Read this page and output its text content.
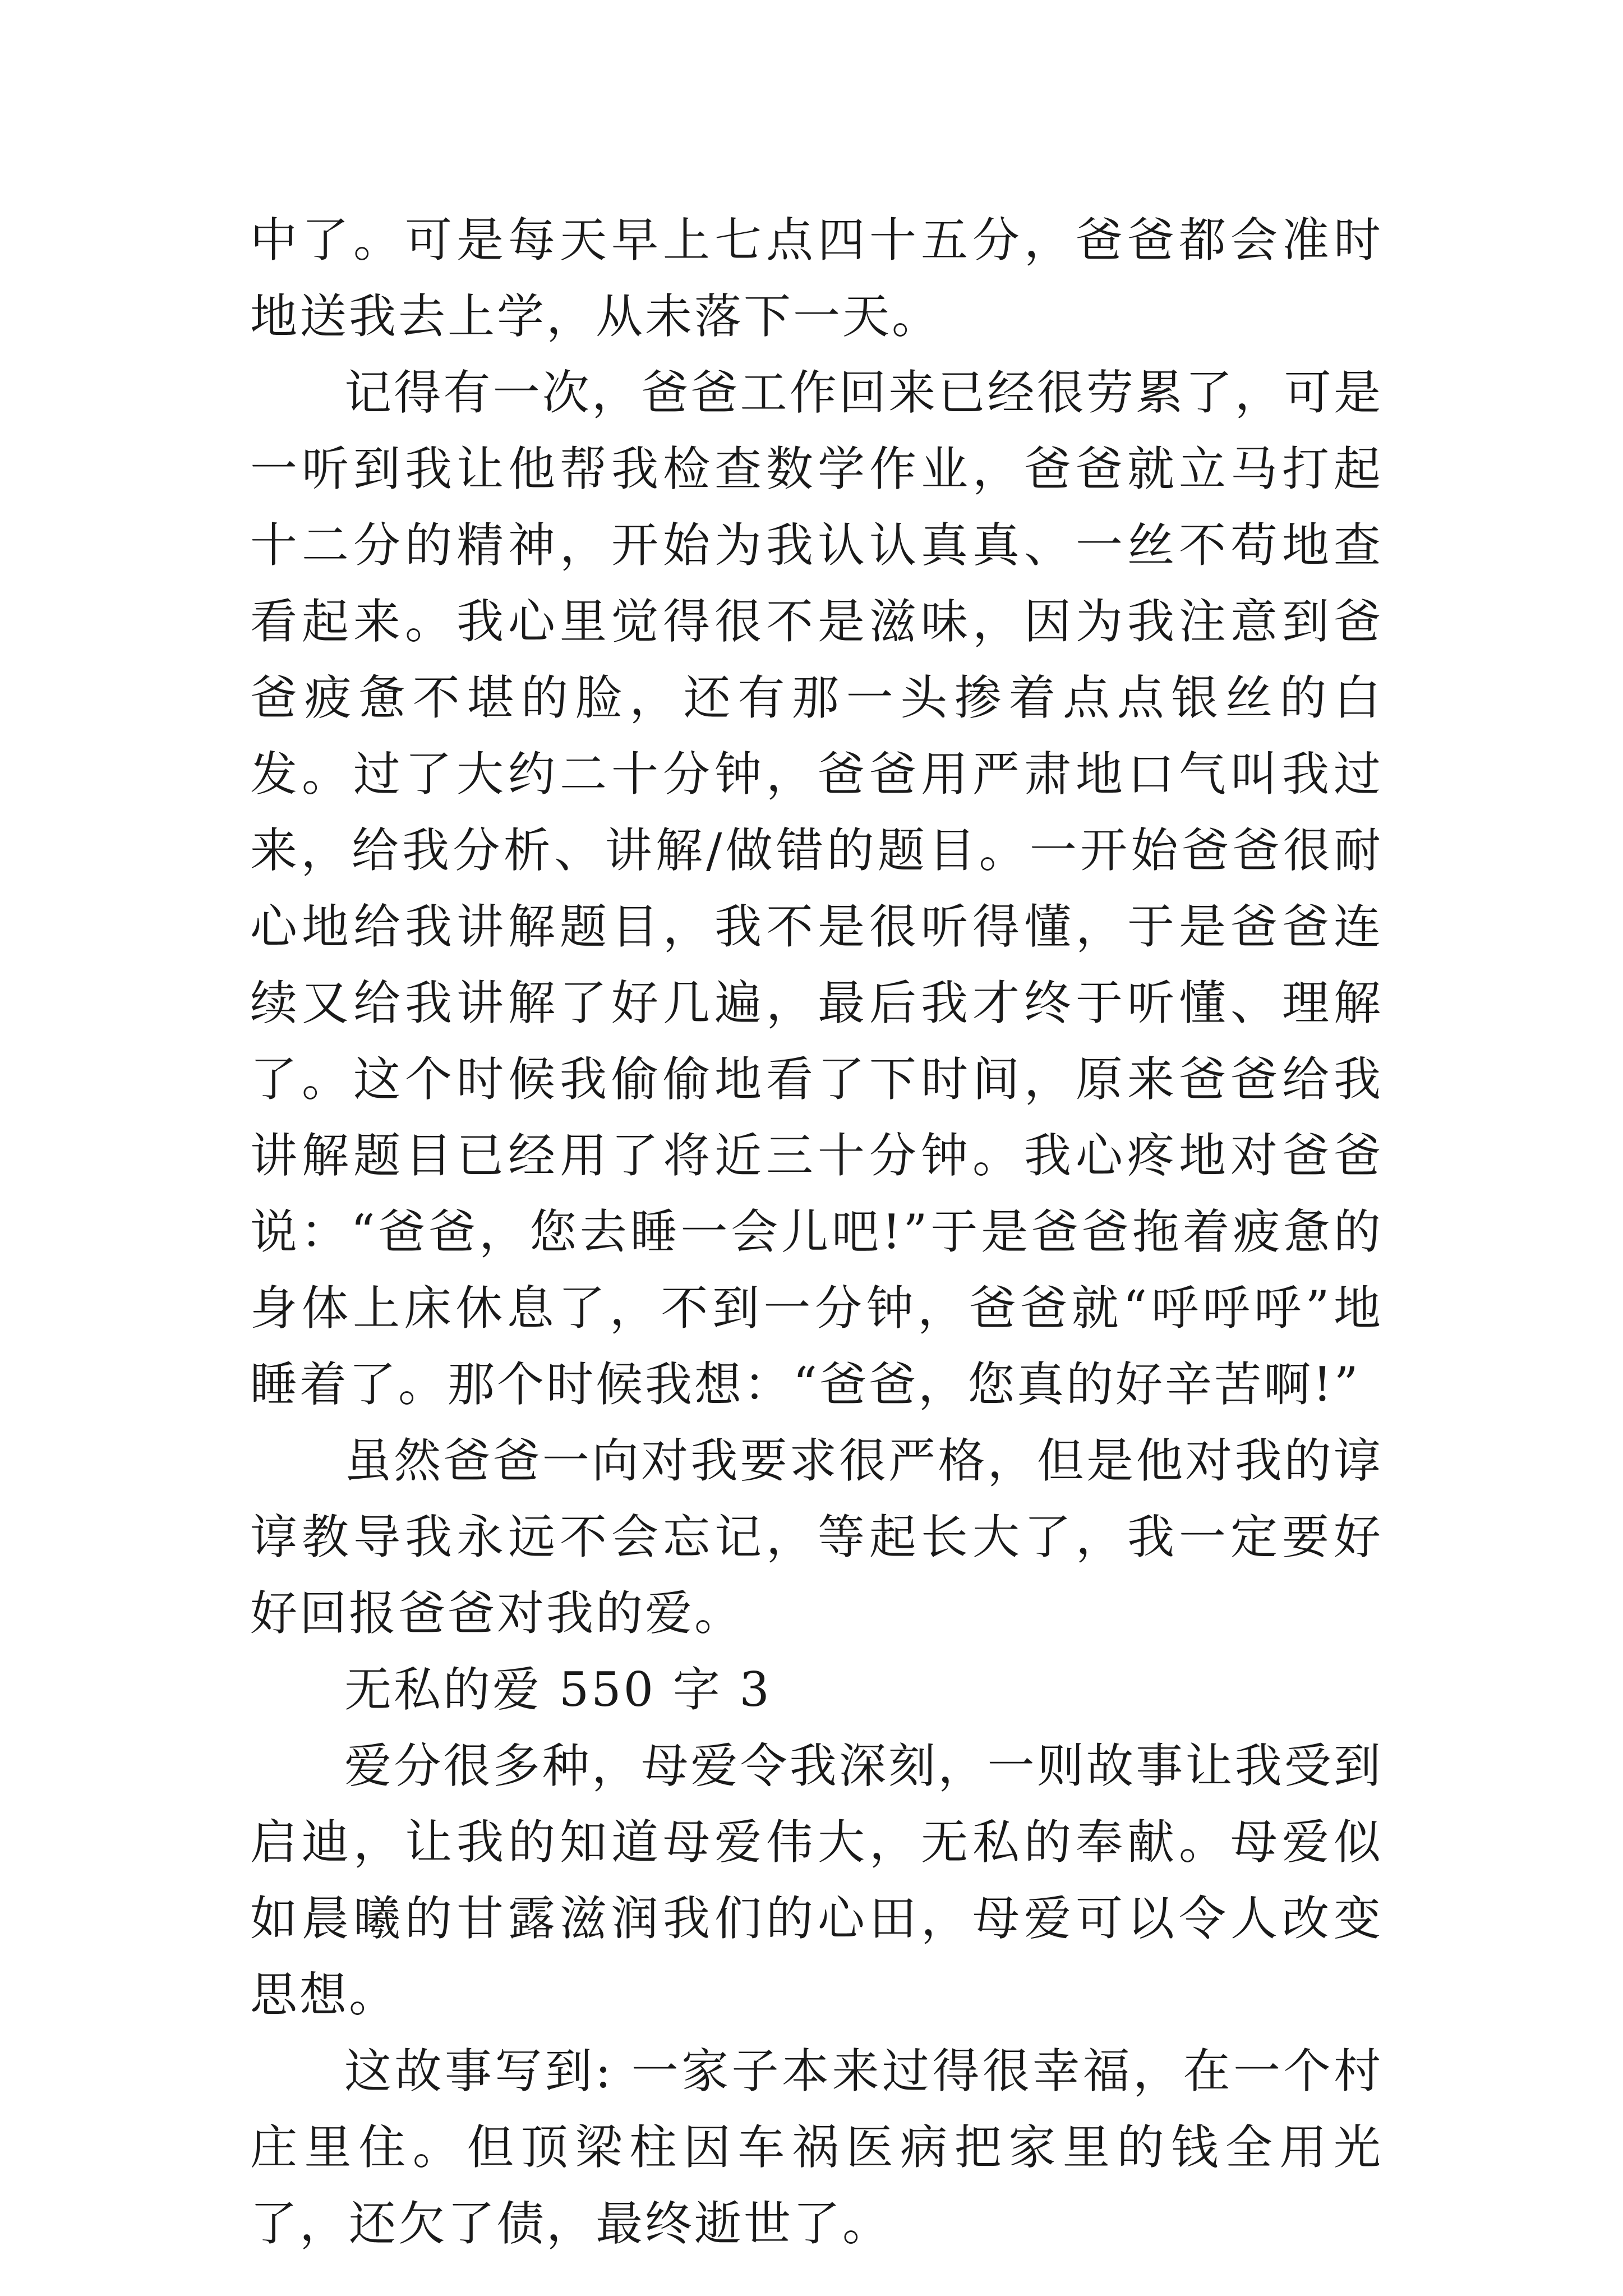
中了。可是每天早上七点四十五分，爸爸都会准时地送我去上学，从未落下一天。

记得有一次，爸爸工作回来已经很劳累了，可是一听到我让他帮我检查数学作业，爸爸就立马打起十二分的精神，开始为我认认真真、一丝不苟地查看起来。我心里觉得很不是滋味，因为我注意到爸爸疲惫不堪的脸，还有那一头掺着点点银丝的白发。过了大约二十分钟，爸爸用严肃地口气叫我过来，给我分析、讲解/做错的题目。一开始爸爸很耐心地给我讲解题目，我不是很听得懂，于是爸爸连续又给我讲解了好几遍，最后我才终于听懂、理解了。这个时候我偷偷地看了下时间，原来爸爸给我讲解题目已经用了将近三十分钟。我心疼地对爸爸说：“爸爸，您去睡一会儿吧!”于是爸爸拖着疲惫的身体上床休息了，不到一分钟，爸爸就“呼呼呼”地睡着了。那个时候我想：“爸爸，您真的好辛苦啊!”

虽然爸爸一向对我要求很严格，但是他对我的谆谆教导我永远不会忘记，等起长大了，我一定要好好回报爸爸对我的爱。

无私的爱 550 字 3

爱分很多种，母爱令我深刻，一则故事让我受到启迪，让我的知道母爱伟大，无私的奉献。母爱似如晨曦的甘露滋润我们的心田，母爱可以令人改变思想。

这故事写到: 一家子本来过得很幸福，在一个村庄里住。但顶梁柱因车祸医病把家里的钱全用光了，还欠了债，最终逝世了。
